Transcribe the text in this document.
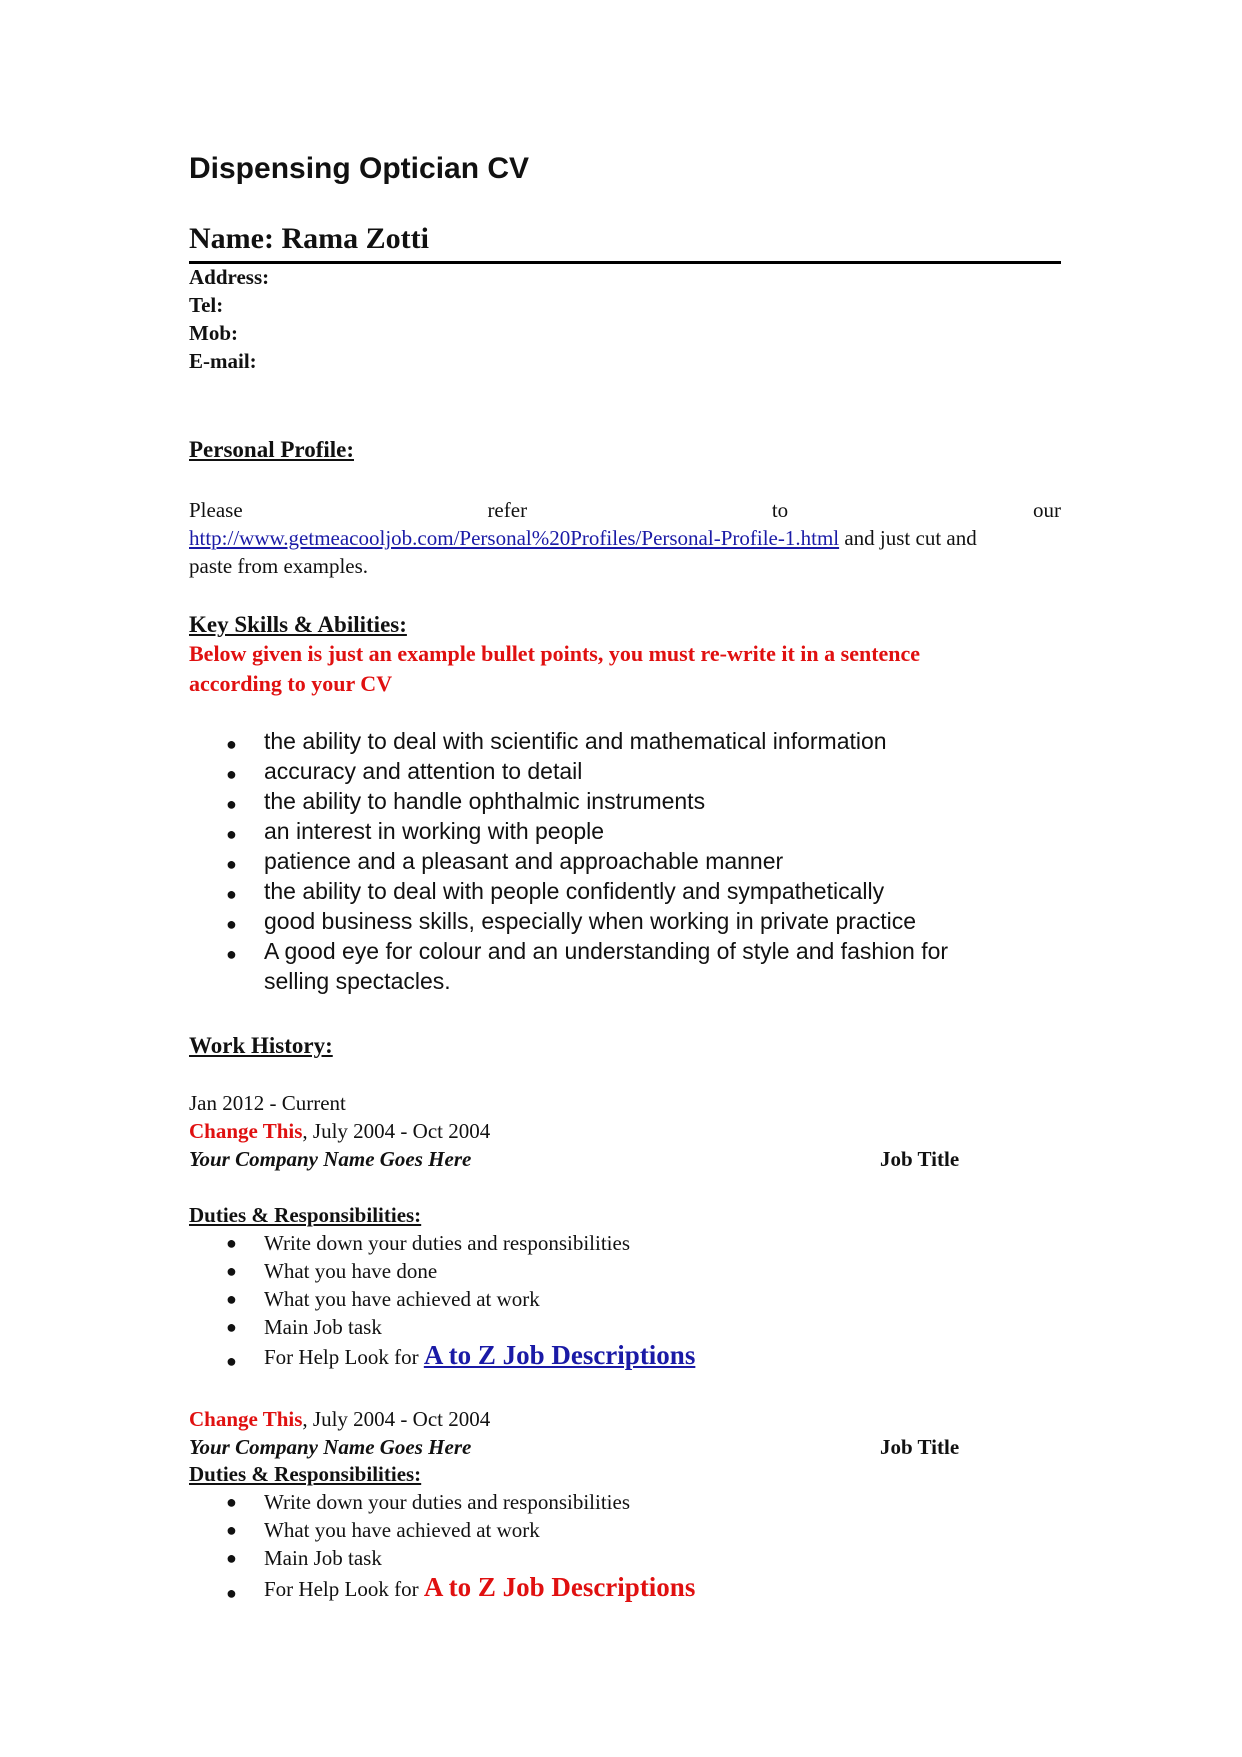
Dispensing Optician CV
Name: Rama Zotti
Address:
Tel:
Mob:
E-mail:
Personal Profile:
Please	refer	to	our
http://www.getmeacooljob.com/Personal%20Profiles/Personal-Profile-1.html and just cut and
paste from examples.
Key Skills & Abilities:
Below given is just an example bullet points, you must re-write it in a sentence
according to your CV
● the ability to deal with scientific and mathematical information
● accuracy and attention to detail
● the ability to handle ophthalmic instruments
● an interest in working with people
● patience and a pleasant and approachable manner
● the ability to deal with people confidently and sympathetically
● good business skills, especially when working in private practice
● A good eye for colour and an understanding of style and fashion for
selling spectacles.
Work History:
Jan 2012 - Current
Change This, July 2004 - Oct 2004
Your Company Name Goes Here	Job Title
Duties & Responsibilities:
● Write down your duties and responsibilities
● What you have done
● What you have achieved at work
● Main Job task
● For Help Look for A to Z Job Descriptions
Change This, July 2004 - Oct 2004
Your Company Name Goes Here	Job Title
Duties & Responsibilities:
● Write down your duties and responsibilities
● What you have achieved at work
● Main Job task
● For Help Look for A to Z Job Descriptions
